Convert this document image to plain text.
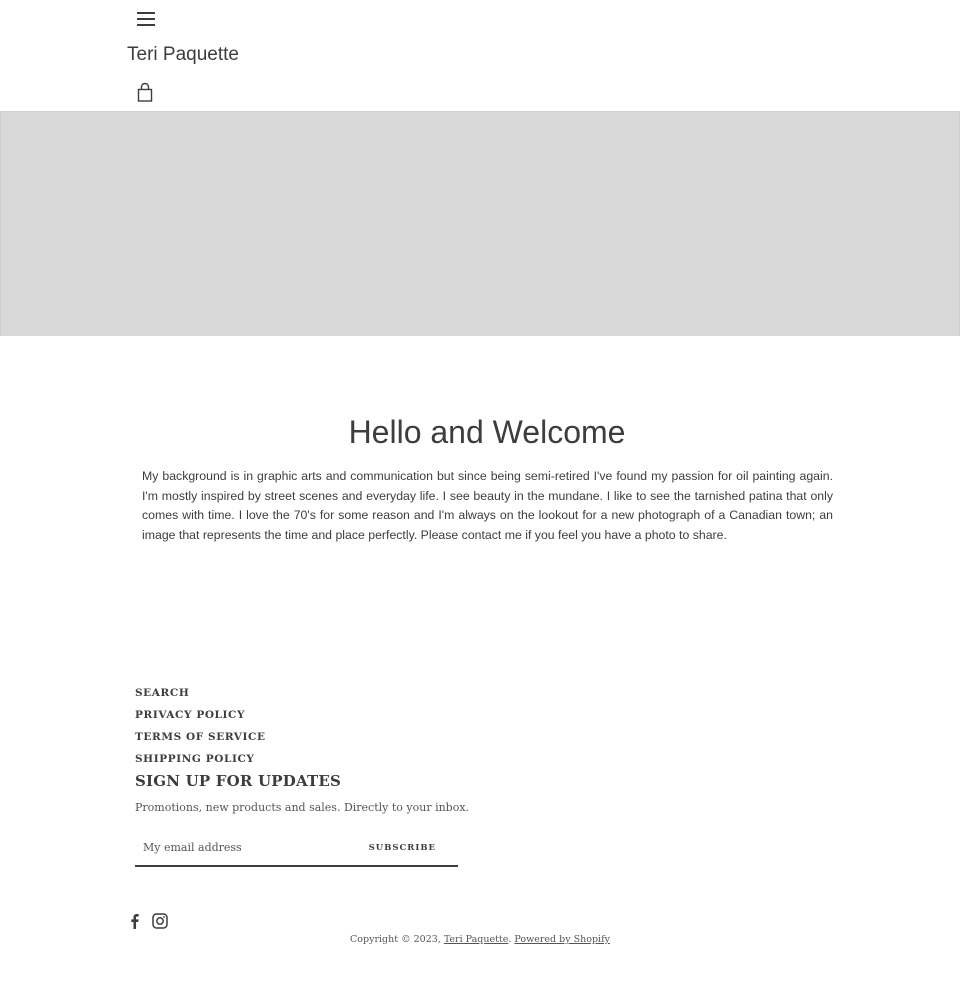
Teri Paquette
Hello and Welcome

My background is in graphic arts and communication but since being semi-retired I've found my passion for oil painting again. I'm mostly inspired by street scenes and everyday life. I see beauty in the mundane. I like to see the tarnished patina that only comes with time. I love the 70's for some reason and I'm always on the lookout for a new photograph of a Canadian town; an image that represents the time and place perfectly. Please contact me if you feel you have a photo to share.

SEARCH
PRIVACY POLICY
TERMS OF SERVICE
SHIPPING POLICY
SIGN UP FOR UPDATES

Promotions, new products and sales. Directly to your inbox.

My email address
SUBSCRIBE
Copyright © 2023, Teri Paquette. Powered by Shopify
